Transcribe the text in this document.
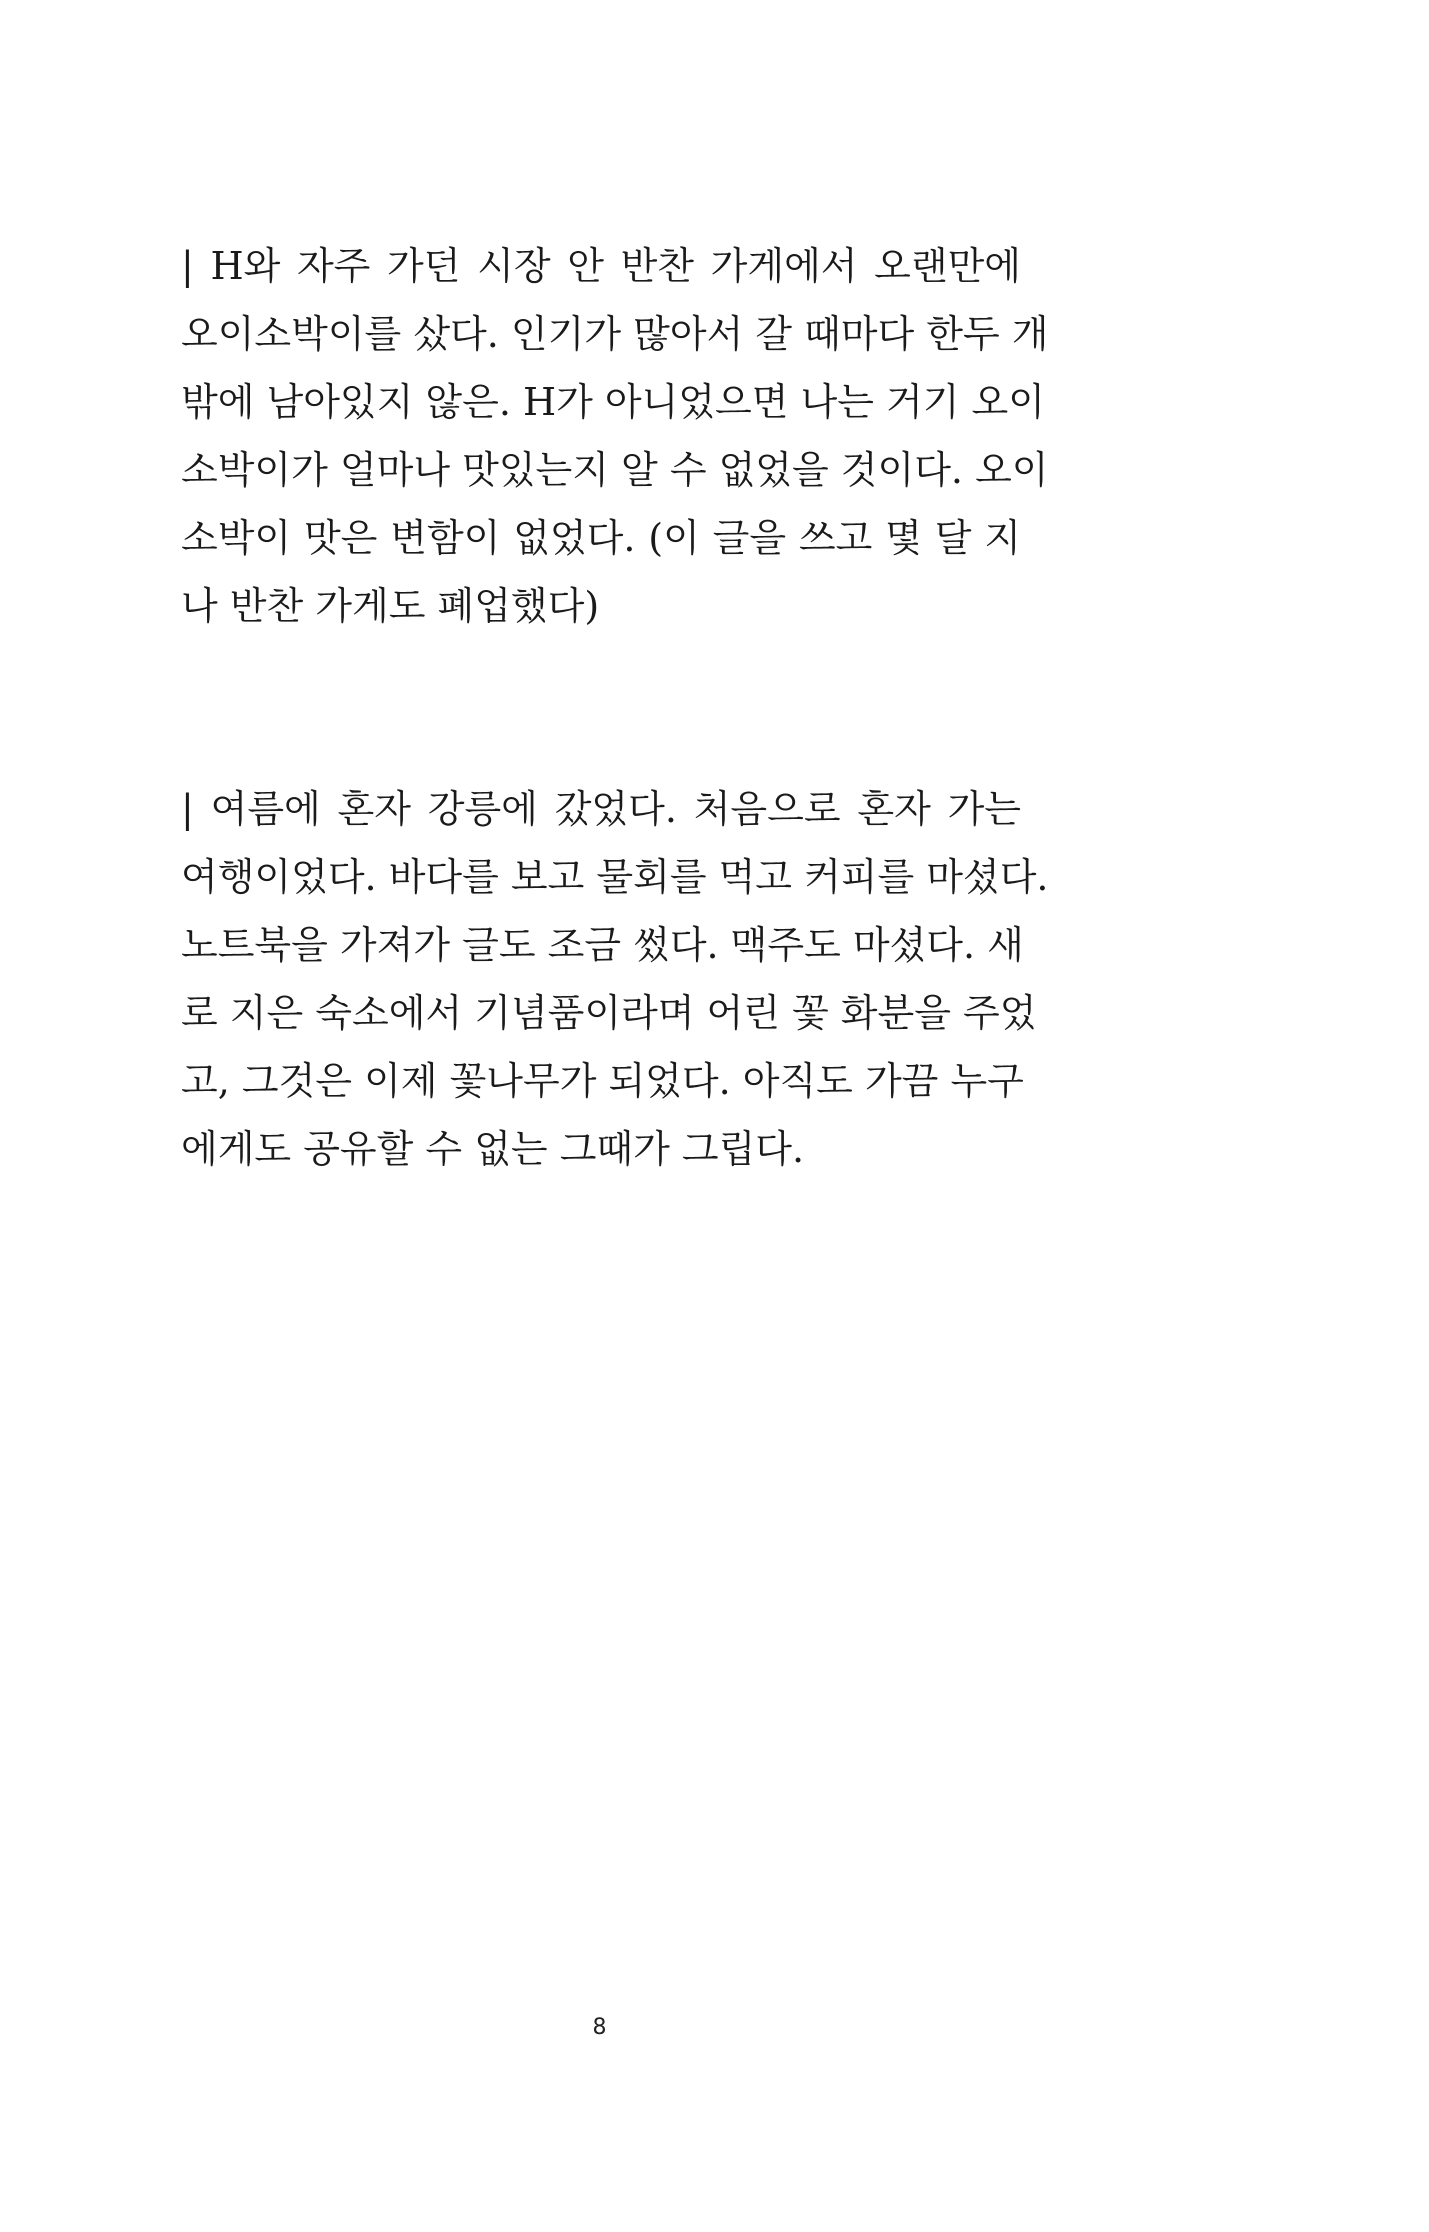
| H와 자주 가던 시장 안 반찬 가게에서 오랜만에
오이소박이를 샀다. 인기가 많아서 갈 때마다 한두 개
밖에 남아있지 않은. H가 아니었으면 나는 거기 오이
소박이가 얼마나 맛있는지 알 수 없었을 것이다. 오이
소박이 맛은 변함이 없었다. (이 글을 쓰고 몇 달 지
나 반찬 가게도 폐업했다)
| 여름에 혼자 강릉에 갔었다. 처음으로 혼자 가는
여행이었다. 바다를 보고 물회를 먹고 커피를 마셨다.
노트북을 가져가 글도 조금 썼다. 맥주도 마셨다. 새
로 지은 숙소에서 기념품이라며 어린 꽃 화분을 주었
고, 그것은 이제 꽃나무가 되었다. 아직도 가끔 누구
에게도 공유할 수 없는 그때가 그립다.
8
